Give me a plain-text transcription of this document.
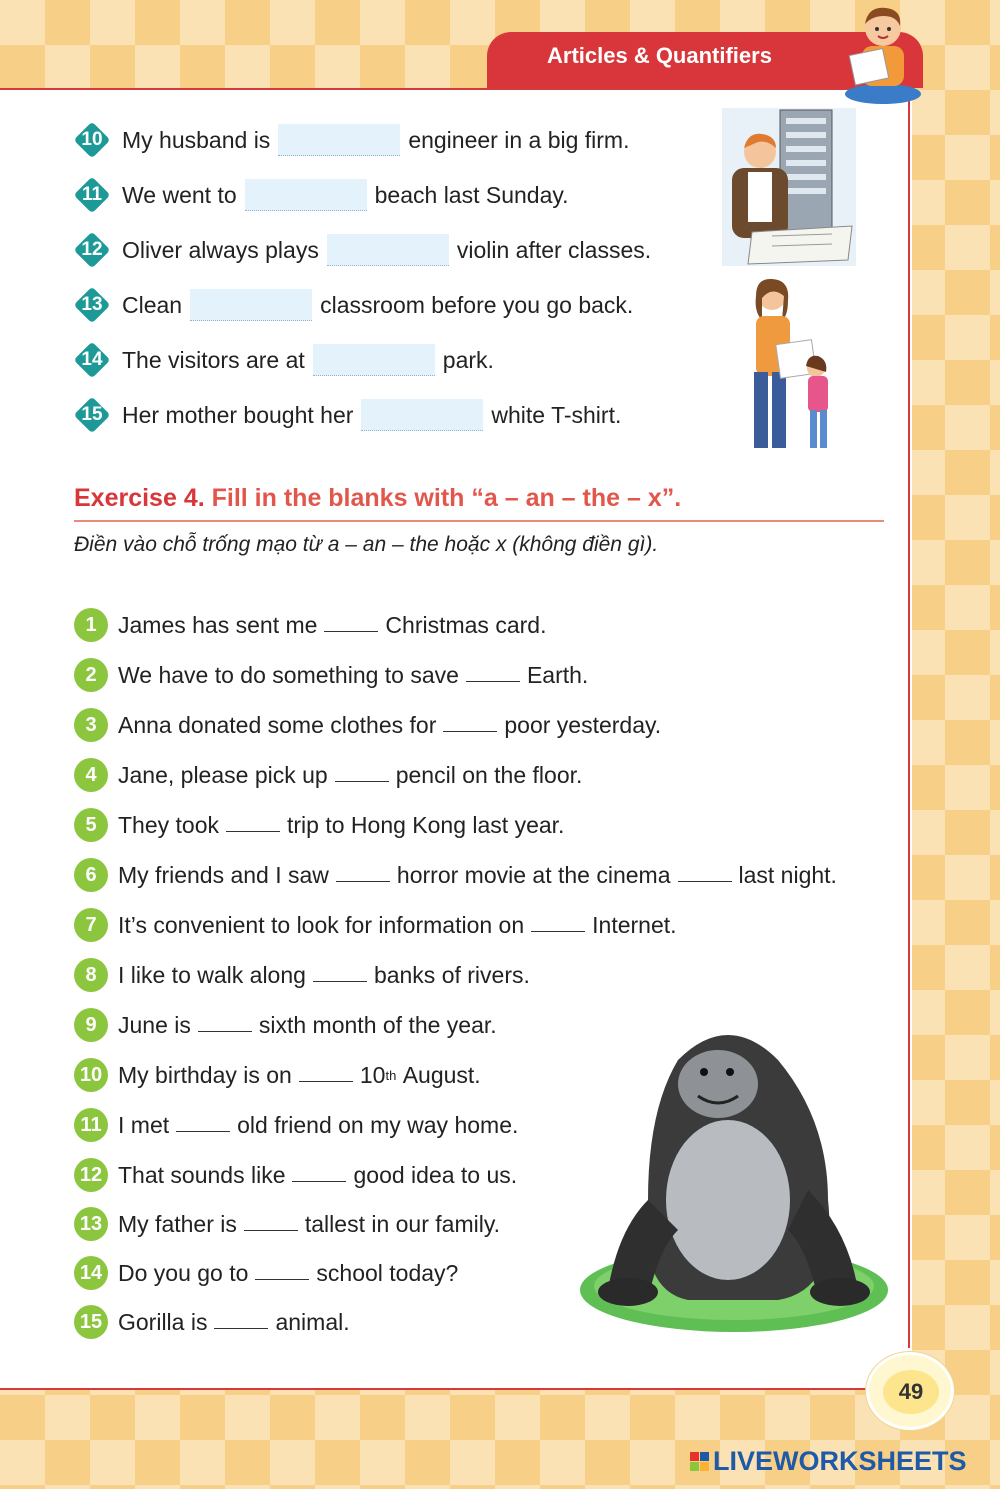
Articles & Quantifiers
10 My husband is	engineer in a big firm.
11 We went to	beach last Sunday.
12 Oliver always plays	violin after classes.
13 Clean	classroom before you go back.
14 The visitors are at	park.
15 Her mother bought her	white T-shirt.
Exercise 4. Fill in the blanks with “a – an – the – x”.
Điền vào chỗ trống mạo từ a – an – the hoặc x (không điền gì).
1 James has sent me	Christmas card.
2 We have to do something to save	Earth.
3 Anna donated some clothes for	poor yesterday.
4 Jane, please pick up	pencil on the floor.
5 They took	trip to Hong Kong last year.
6 My friends and I saw	horror movie at the cinema	last night.
7 It’s convenient to look for information on	Internet.
8 I like to walk along	banks of rivers.
9 June is	sixth month of the year.
10 My birthday is on	10 th
August.
11 I met	old friend on my way home.
12 That sounds like	good idea to us.
13 My father is	tallest in our family.
14 Do you go to	school today?
15 Gorilla is	animal.
49
LIVEWORKSHEETS
